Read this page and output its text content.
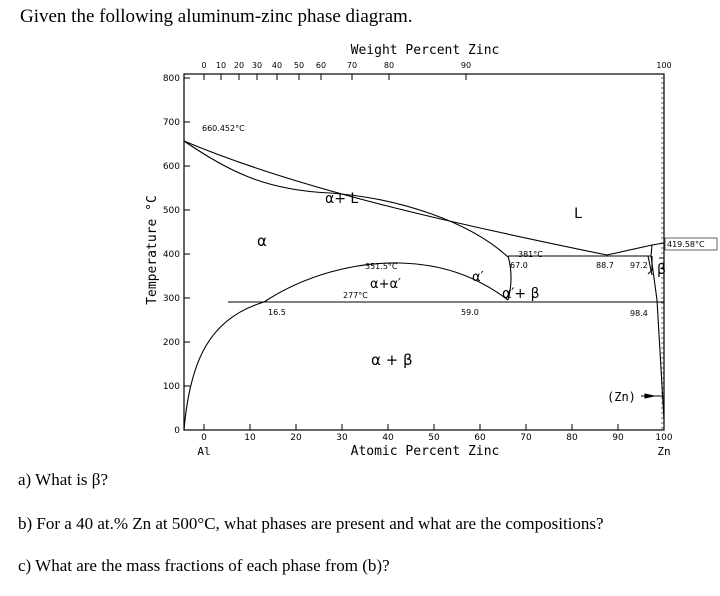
Given the following aluminum-zinc phase diagram.
0
100
200
300
400
500
600
700
800
0	10	20	30	40	50	60	70	80	90	100
0 10 20 30 40 50 60	70	80	90	100
Weight Percent Zinc
Atomic Percent Zinc
Temperature °C
Al	Zn
660.452°C
419.58°C
351.5°C
277°C
381°C
67.0
16.5	59.0
88.7 97.2
98.4
α
α+ L
L
α+α′	α′
α′+ β
α + β
β
(Zn)
a) What is β?
b) For a 40 at.% Zn at 500°C, what phases are present and what are the compositions?
c) What are the mass fractions of each phase from (b)?
